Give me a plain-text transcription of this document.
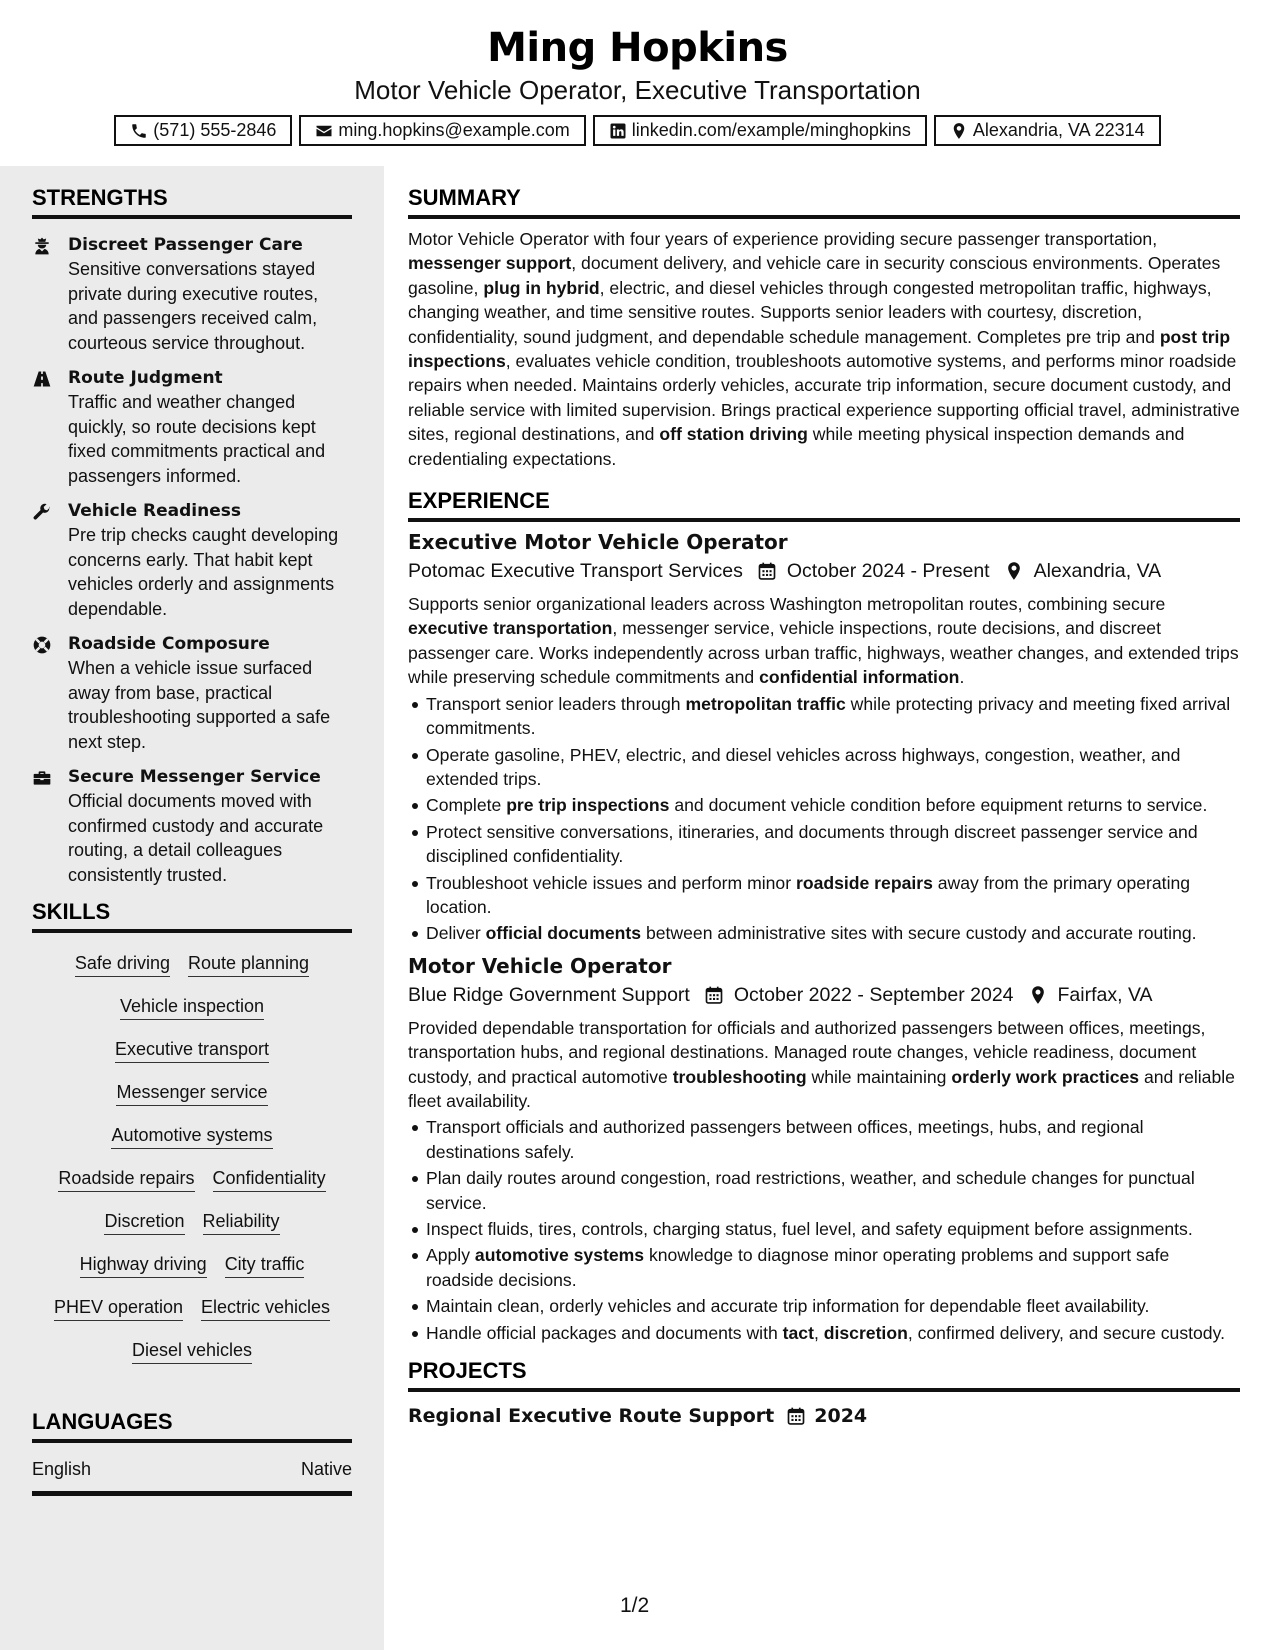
Ming Hopkins
Motor Vehicle Operator, Executive Transportation
(571) 555-2846	ming.hopkins@example.com	linkedin.com/example/minghopkins	Alexandria, VA 22314
STRENGTHS
Discreet Passenger Care
Sensitive conversations stayed private during executive routes, and passengers received calm, courteous service throughout.
Route Judgment
Traffic and weather changed quickly, so route decisions kept fixed commitments practical and passengers informed.
Vehicle Readiness
Pre trip checks caught developing concerns early. That habit kept vehicles orderly and assignments dependable.
Roadside Composure
When a vehicle issue surfaced away from base, practical troubleshooting supported a safe next step.
Secure Messenger Service
Official documents moved with confirmed custody and accurate routing, a detail colleagues consistently trusted.
SKILLS
Safe driving Route planning
Vehicle inspection
Executive transport
Messenger service
Automotive systems
Roadside repairs Confidentiality
Discretion Reliability
Highway driving City traffic
PHEV operation Electric vehicles
Diesel vehicles
LANGUAGES
English	Native
SUMMARY
Motor Vehicle Operator with four years of experience providing secure passenger transportation, messenger support, document delivery, and vehicle care in security conscious environments. Operates gasoline, plug in hybrid, electric, and diesel vehicles through congested metropolitan traffic, highways, changing weather, and time sensitive routes. Supports senior leaders with courtesy, discretion, confidentiality, sound judgment, and dependable schedule management. Completes pre trip and post trip inspections, evaluates vehicle condition, troubleshoots automotive systems, and performs minor roadside repairs when needed. Maintains orderly vehicles, accurate trip information, secure document custody, and reliable service with limited supervision. Brings practical experience supporting official travel, administrative sites, regional destinations, and off station driving while meeting physical inspection demands and credentialing expectations.
EXPERIENCE
Executive Motor Vehicle Operator
Potomac Executive Transport Services October 2024 - Present Alexandria, VA
Supports senior organizational leaders across Washington metropolitan routes, combining secure executive transportation, messenger service, vehicle inspections, route decisions, and discreet passenger care. Works independently across urban traffic, highways, weather changes, and extended trips while preserving schedule commitments and confidential information.
Transport senior leaders through metropolitan traffic while protecting privacy and meeting fixed arrival commitments.
Operate gasoline, PHEV, electric, and diesel vehicles across highways, congestion, weather, and extended trips.
Complete pre trip inspections and document vehicle condition before equipment returns to service.
Protect sensitive conversations, itineraries, and documents through discreet passenger service and disciplined confidentiality.
Troubleshoot vehicle issues and perform minor roadside repairs away from the primary operating location.
Deliver official documents between administrative sites with secure custody and accurate routing.
Motor Vehicle Operator
Blue Ridge Government Support October 2022 - September 2024 Fairfax, VA
Provided dependable transportation for officials and authorized passengers between offices, meetings, transportation hubs, and regional destinations. Managed route changes, vehicle readiness, document custody, and practical automotive troubleshooting while maintaining orderly work practices and reliable fleet availability.
Transport officials and authorized passengers between offices, meetings, hubs, and regional destinations safely.
Plan daily routes around congestion, road restrictions, weather, and schedule changes for punctual service.
Inspect fluids, tires, controls, charging status, fuel level, and safety equipment before assignments.
Apply automotive systems knowledge to diagnose minor operating problems and support safe roadside decisions.
Maintain clean, orderly vehicles and accurate trip information for dependable fleet availability.
Handle official packages and documents with tact, discretion, confirmed delivery, and secure custody.
PROJECTS
Regional Executive Route Support 2024
1/2
